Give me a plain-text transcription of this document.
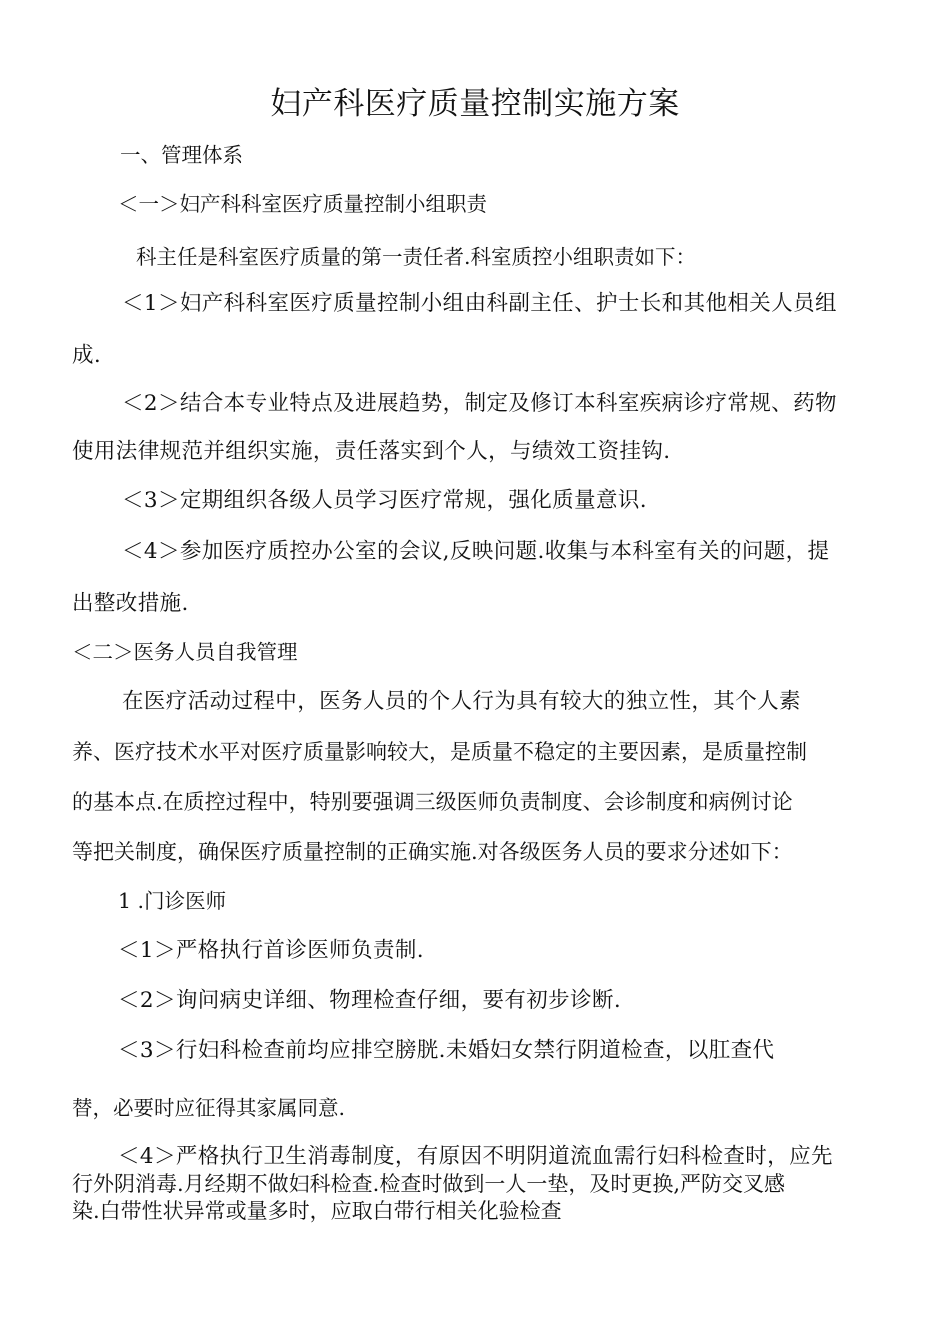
妇产科医疗质量控制实施方案
一、管理体系
＜一＞妇产科科室医疗质量控制小组职责
科主任是科室医疗质量的第一责任者.科室质控小组职责如下：
＜1＞妇产科科室医疗质量控制小组由科副主任、护士长和其他相关人员组
成.
＜2＞结合本专业特点及进展趋势，制定及修订本科室疾病诊疗常规、药物
使用法律规范并组织实施，责任落实到个人，与绩效工资挂钩.
＜3＞定期组织各级人员学习医疗常规，强化质量意识.
＜4＞参加医疗质控办公室的会议,反映问题.收集与本科室有关的问题，提
出整改措施.
＜二＞医务人员自我管理
在医疗活动过程中，医务人员的个人行为具有较大的独立性，其个人素
养、医疗技术水平对医疗质量影响较大，是质量不稳定的主要因素，是质量控制
的基本点.在质控过程中，特别要强调三级医师负责制度、会诊制度和病例讨论
等把关制度，确保医疗质量控制的正确实施.对各级医务人员的要求分述如下：
1 .门诊医师
＜1＞严格执行首诊医师负责制.
＜2＞询问病史详细、物理检查仔细，要有初步诊断.
＜3＞行妇科检查前均应排空膀胱.未婚妇女禁行阴道检查，以肛查代
替，必要时应征得其家属同意.
＜4＞严格执行卫生消毒制度，有原因不明阴道流血需行妇科检查时，应先
行外阴消毒.月经期不做妇科检查.检查时做到一人一垫，及时更换,严防交叉感
染.白带性状异常或量多时，应取白带行相关化验检查
